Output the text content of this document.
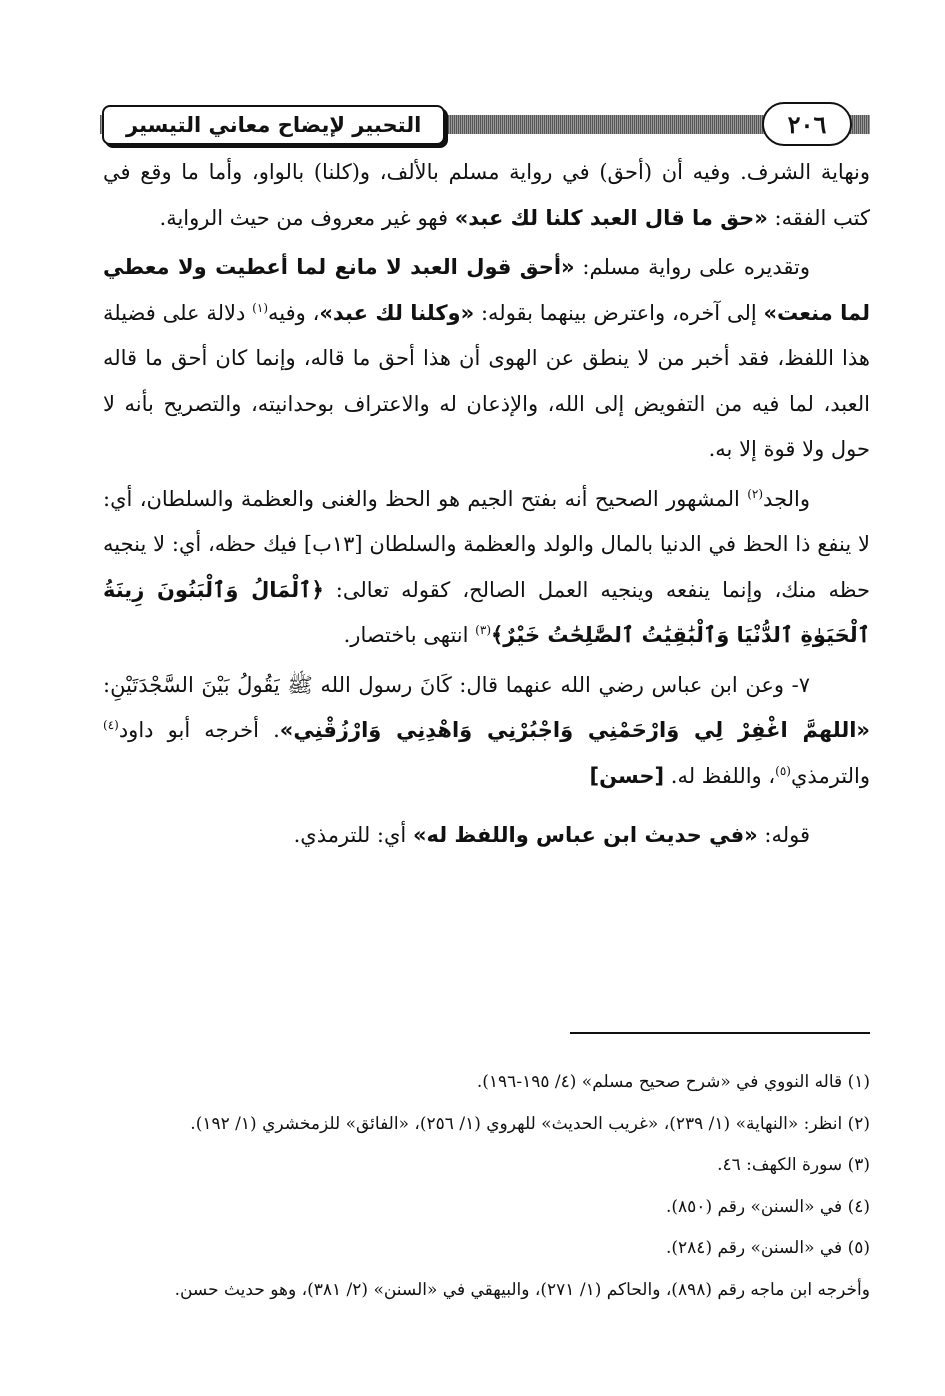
التحبير لإيضاح معاني التيسير	٢٠٦

ونهاية الشرف. وفيه أن (أحق) في رواية مسلم بالألف، و(كلنا) بالواو، وأما ما وقع في كتب الفقه: «حق ما قال العبد كلنا لك عبد» فهو غير معروف من حيث الرواية.

وتقديره على رواية مسلم: «أحق قول العبد لا مانع لما أعطيت ولا معطي لما منعت» إلى آخره، واعترض بينهما بقوله: «وكلنا لك عبد»، وفيه$^{(١)}$ دلالة على فضيلة هذا اللفظ، فقد أخبر من لا ينطق عن الهوى أن هذا أحق ما قاله، وإنما كان أحق ما قاله العبد، لما فيه من التفويض إلى الله، والإذعان له والاعتراف بوحدانيته، والتصريح بأنه لا حول ولا قوة إلا به.

والجد$^{(٢)}$ المشهور الصحيح أنه بفتح الجيم هو الحظ والغنى والعظمة والسلطان، أي: لا ينفع ذا الحظ في الدنيا بالمال والولد والعظمة والسلطان [١٣ب] فيك حظه، أي: لا ينجيه حظه منك، وإنما ينفعه وينجيه العمل الصالح، كقوله تعالى: ﴿ٱلْمَالُ وَٱلْبَنُونَ زِينَةُ ٱلْحَيَوٰةِ ٱلدُّنْيَا وَٱلْبَٰقِيَٰتُ ٱلصَّٰلِحَٰتُ خَيْرٌ﴾$^{(٣)}$ انتهى باختصار.

٧- وعن ابن عباس رضي الله عنهما قال: كَانَ رسول الله ﷺ يَقُولُ بَيْنَ السَّجْدَتَيْنِ: «اللهمَّ اغْفِرْ لِي وَارْحَمْنِي وَاجْبُرْنِي وَاهْدِنِي وَارْزُقْنِي». أخرجه أبو داود$^{(٤)}$ والترمذي$^{(٥)}$، واللفظ له. [حسن]

قوله: «في حديث ابن عباس واللفظ له» أي: للترمذي.

(١) قاله النووي في «شرح صحيح مسلم» (٤/ ١٩٥-١٩٦).

(٢) انظر: «النهاية» (١/ ٢٣٩)، «غريب الحديث» للهروي (١/ ٢٥٦)، «الفائق» للزمخشري (١/ ١٩٢).

(٣) سورة الكهف: ٤٦.

(٤) في «السنن» رقم (٨٥٠).

(٥) في «السنن» رقم (٢٨٤).

وأخرجه ابن ماجه رقم (٨٩٨)، والحاكم (١/ ٢٧١)، والبيهقي في «السنن» (٢/ ٣٨١)، وهو حديث حسن.
